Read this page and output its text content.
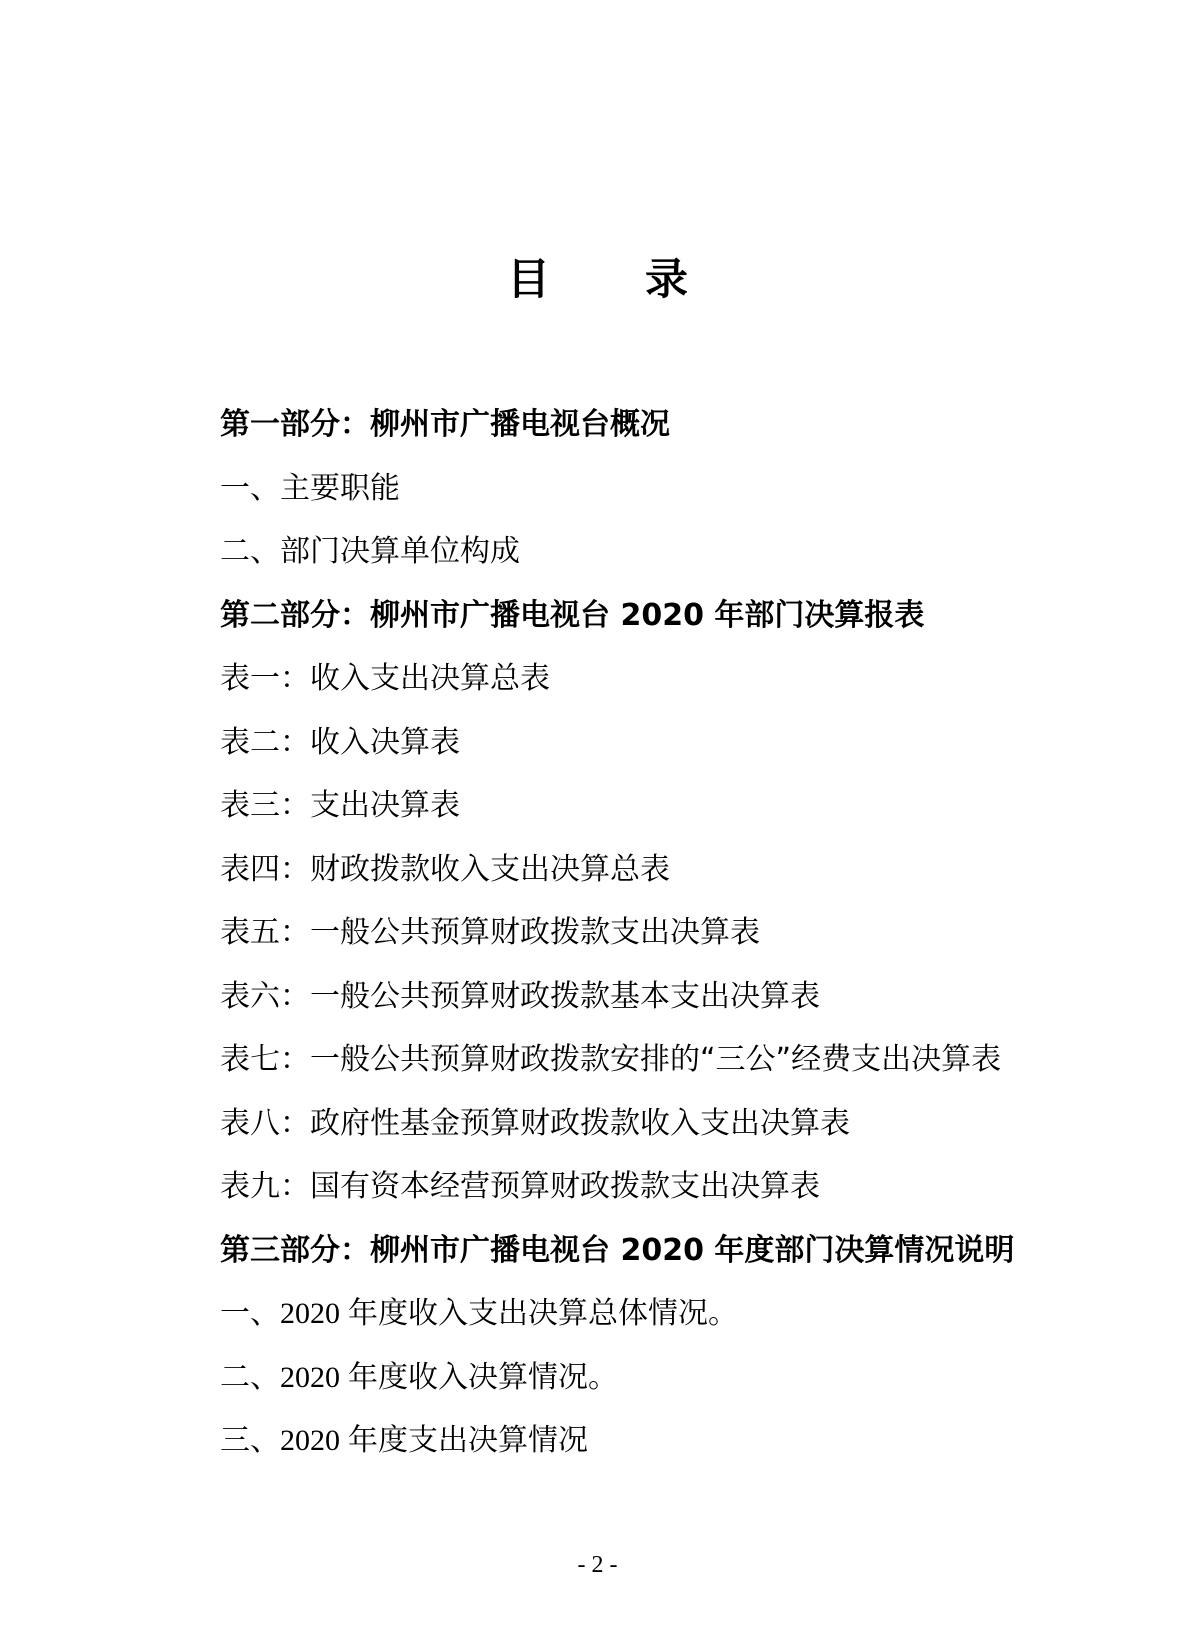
目 录
第一部分：柳州市广播电视台概况
一、主要职能
二、部门决算单位构成
第二部分：柳州市广播电视台 2020 年部门决算报表
表一：收入支出决算总表
表二：收入决算表
表三：支出决算表
表四：财政拨款收入支出决算总表
表五：一般公共预算财政拨款支出决算表
表六：一般公共预算财政拨款基本支出决算表
表七：一般公共预算财政拨款安排的“三公”经费支出决算表
表八：政府性基金预算财政拨款收入支出决算表
表九：国有资本经营预算财政拨款支出决算表
第三部分：柳州市广播电视台 2020 年度部门决算情况说明
一、2020 年度收入支出决算总体情况。
二、2020 年度收入决算情况。
三、2020 年度支出决算情况
- 2 -
